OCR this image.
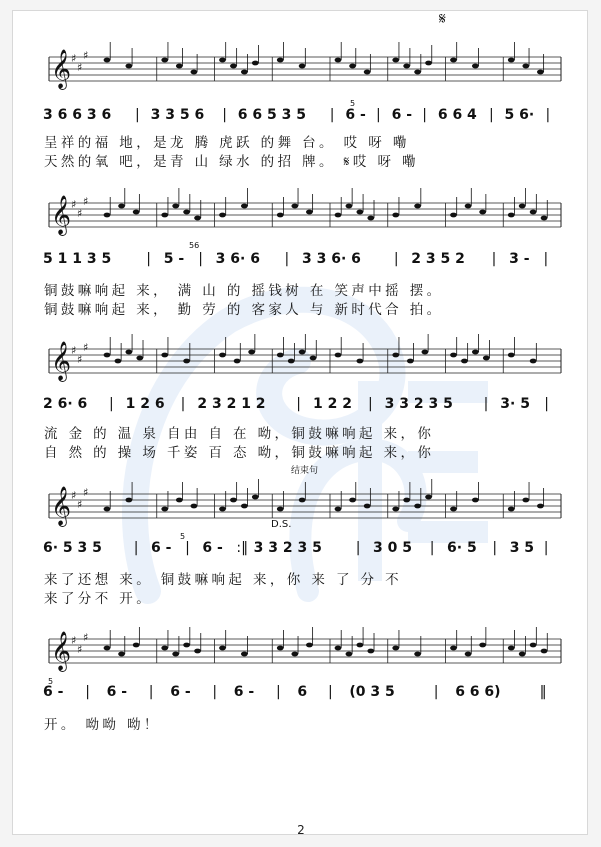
𝄞 ♯
♯
♯
𝄞 ♯
♯
♯
𝄞 ♯
♯
♯
𝄞 ♯
♯
♯
𝄞 ♯
♯
♯
3 6 6 3 6 | 3 3 5 6 | 6 6 5 3 5 | 6 - | 6 - | 6 6 4 | 5 6· |
呈祥的福 地，是龙 腾 虎跃 的舞 台。 哎 呀 嘞
天然的氧 吧，是青 山 绿水 的招 牌。 𝄋哎 呀 嘞
5 1 1 3 5	| 5 - | 3 6· 6 | 3 3 6· 6 | 2 3 5 2 | 3 - |
铜鼓嘛响起 来， 满 山 的 摇钱树 在 笑声中摇 摆。
铜鼓嘛响起 来， 勤 劳 的 客家人 与 新时代合 拍。
2 6· 6 | 1 2 6 | 2 3 2 1 2 | 1 2 2 | 3 3 2 3 5 | 3· 5 |
流 金 的 温 泉 自由 自 在 呦，铜鼓嘛响起 来，你
自 然 的 操 场 千姿 百 态 呦，铜鼓嘛响起 来，你
6· 5 3 5 | 6 - | 6 - :‖ 3 3 2 3 5 | 3 0 5 | 6· 5 | 3 5 |
来了还想 来。 铜鼓嘛响起 来，你 来 了 分 不
来了分不 开。
6 - | 6 - | 6 - | 6 - | 6 | (0 3 5	| 6 6 6)	‖
开。 呦呦 呦！
𝄋
结束句
D.S.
56
5
5
5
2
